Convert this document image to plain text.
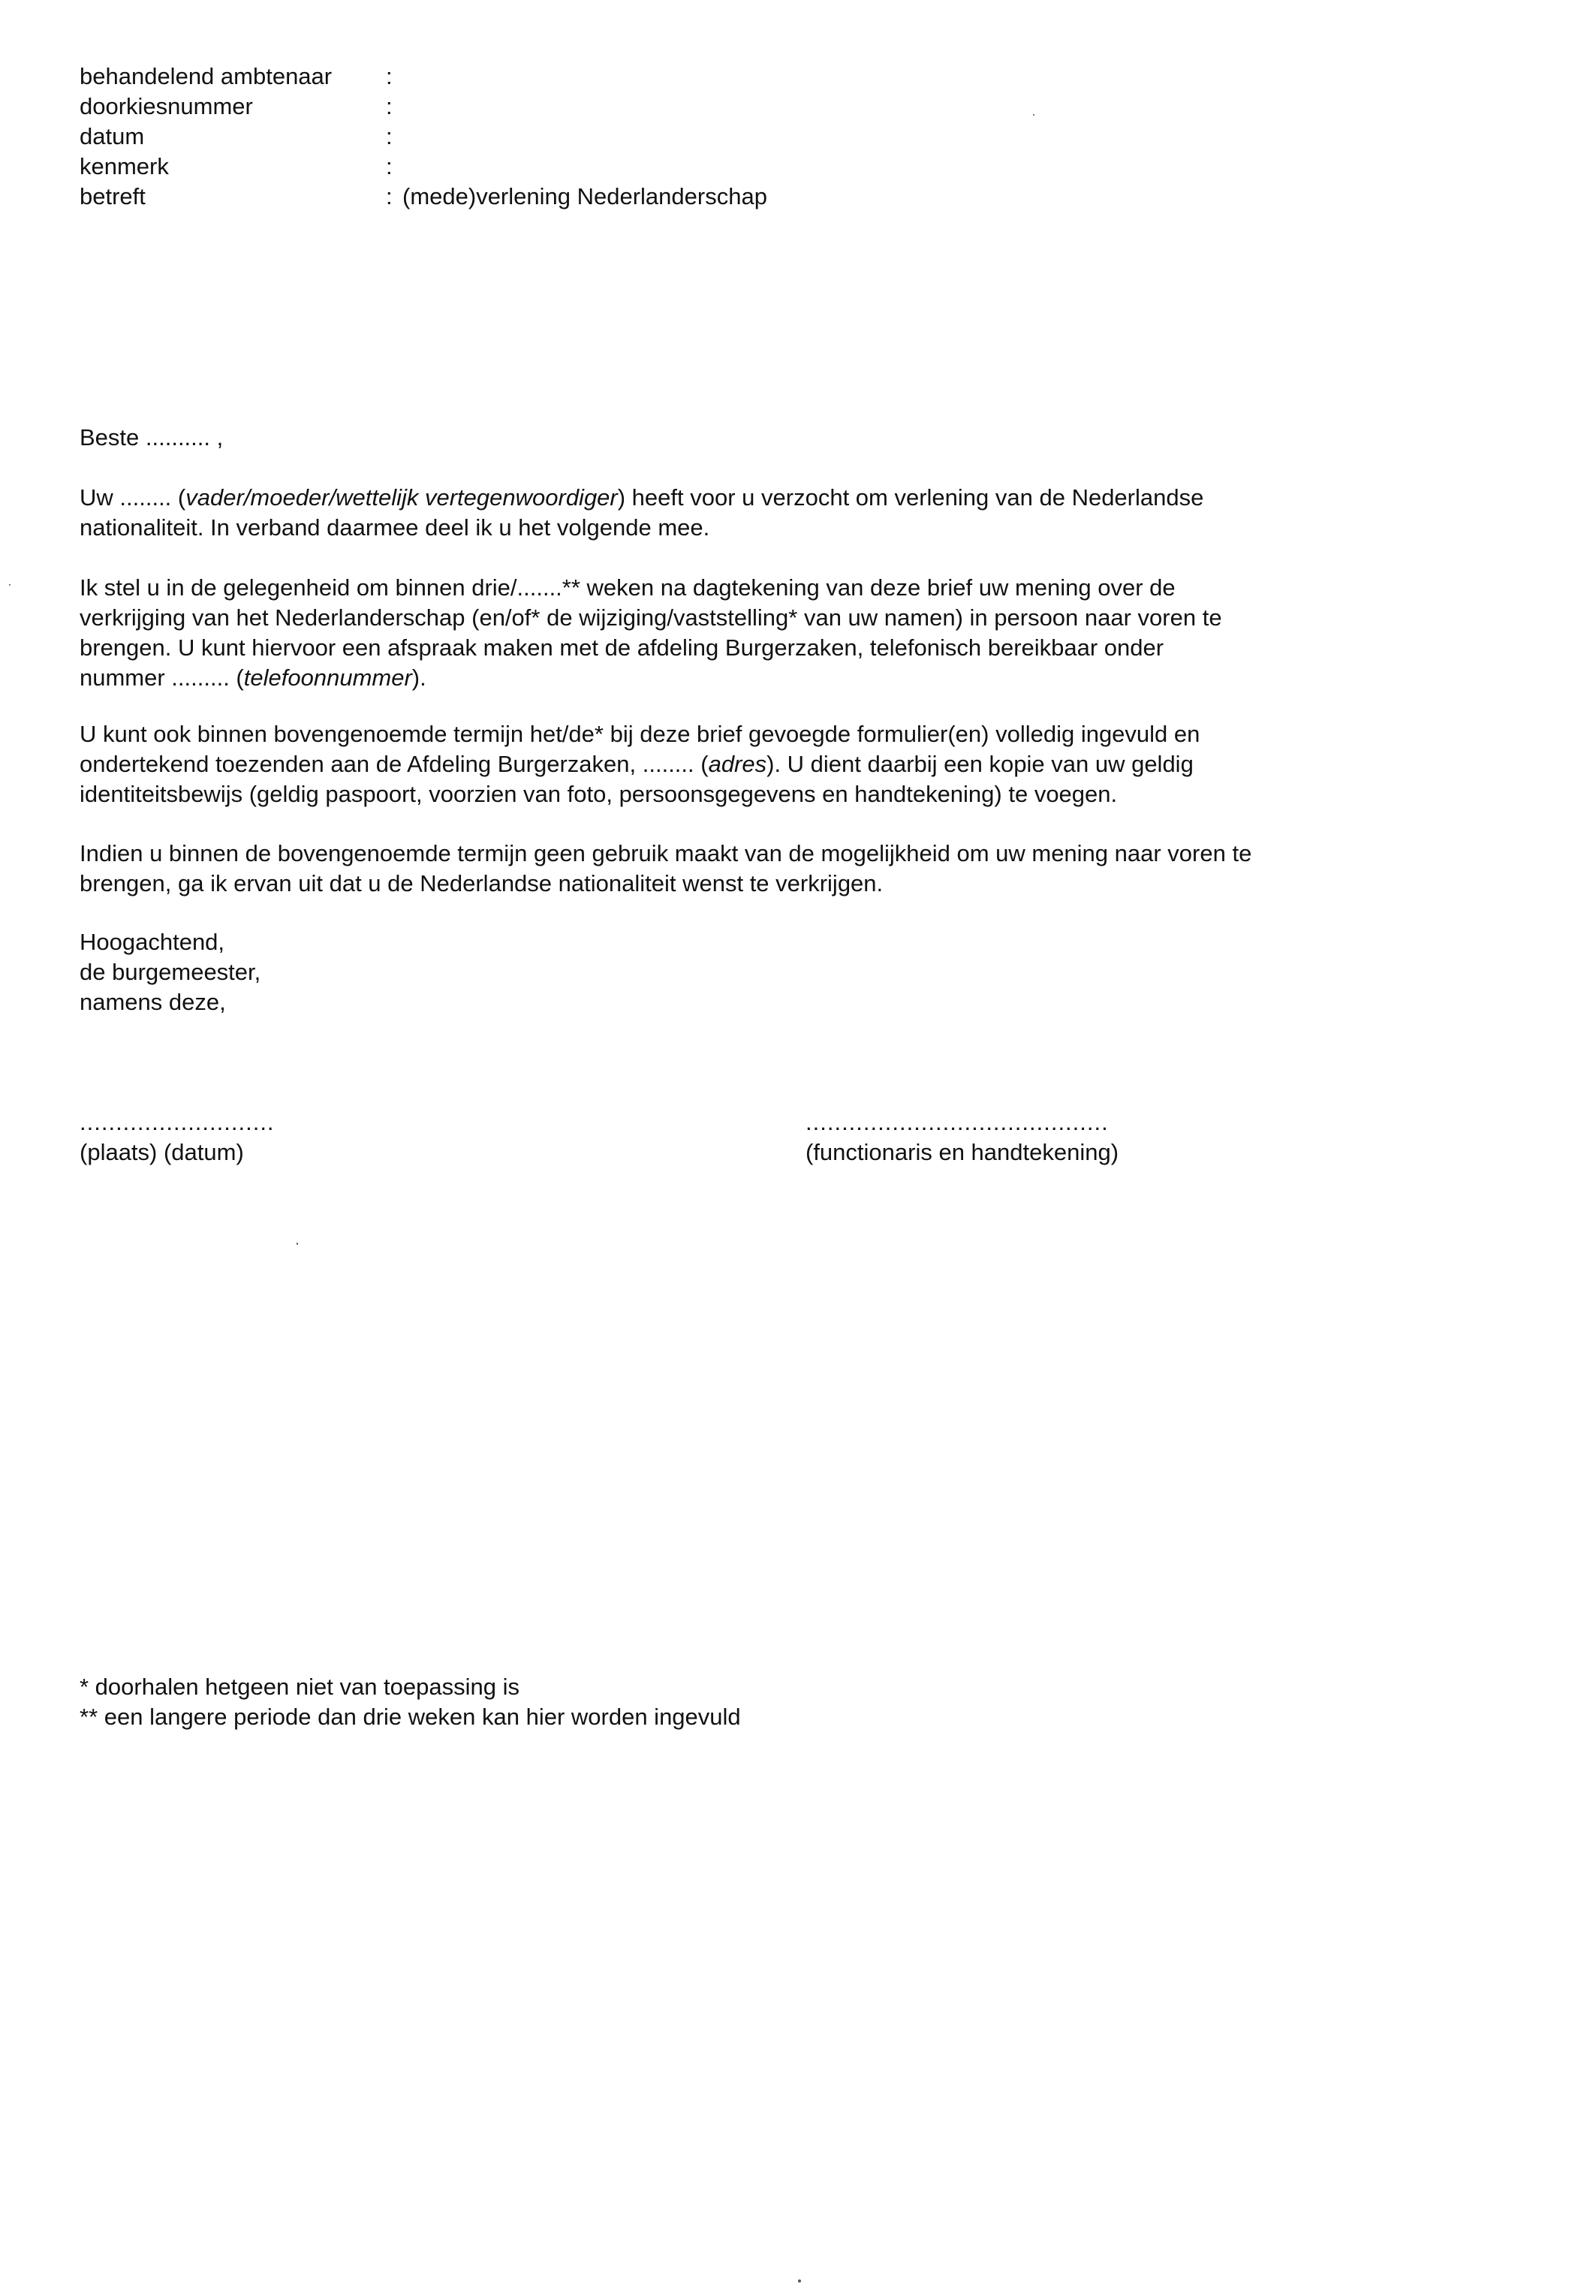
behandelend ambtenaar	:
doorkiesnummer	:
datum	:
kenmerk	:
betreft	: (mede)verlening Nederlanderschap
Beste .......... ,
Uw ........ (vader/moeder/wettelijk vertegenwoordiger) heeft voor u verzocht om verlening van de Nederlandse
nationaliteit. In verband daarmee deel ik u het volgende mee.
Ik stel u in de gelegenheid om binnen drie/.......** weken na dagtekening van deze brief uw mening over de
verkrijging van het Nederlanderschap (en/of* de wijziging/vaststelling* van uw namen) in persoon naar voren te
brengen. U kunt hiervoor een afspraak maken met de afdeling Burgerzaken, telefonisch bereikbaar onder
nummer ......... (telefoonnummer).
U kunt ook binnen bovengenoemde termijn het/de* bij deze brief gevoegde formulier(en) volledig ingevuld en
ondertekend toezenden aan de Afdeling Burgerzaken, ........ (adres). U dient daarbij een kopie van uw geldig
identiteitsbewijs (geldig paspoort, voorzien van foto, persoonsgegevens en handtekening) te voegen.
Indien u binnen de bovengenoemde termijn geen gebruik maakt van de mogelijkheid om uw mening naar voren te
brengen, ga ik ervan uit dat u de Nederlandse nationaliteit wenst te verkrijgen.
Hoogachtend,
de burgemeester,
namens deze,
...........................
(plaats) (datum)
..........................................
(functionaris en handtekening)
* doorhalen hetgeen niet van toepassing is
** een langere periode dan drie weken kan hier worden ingevuld
